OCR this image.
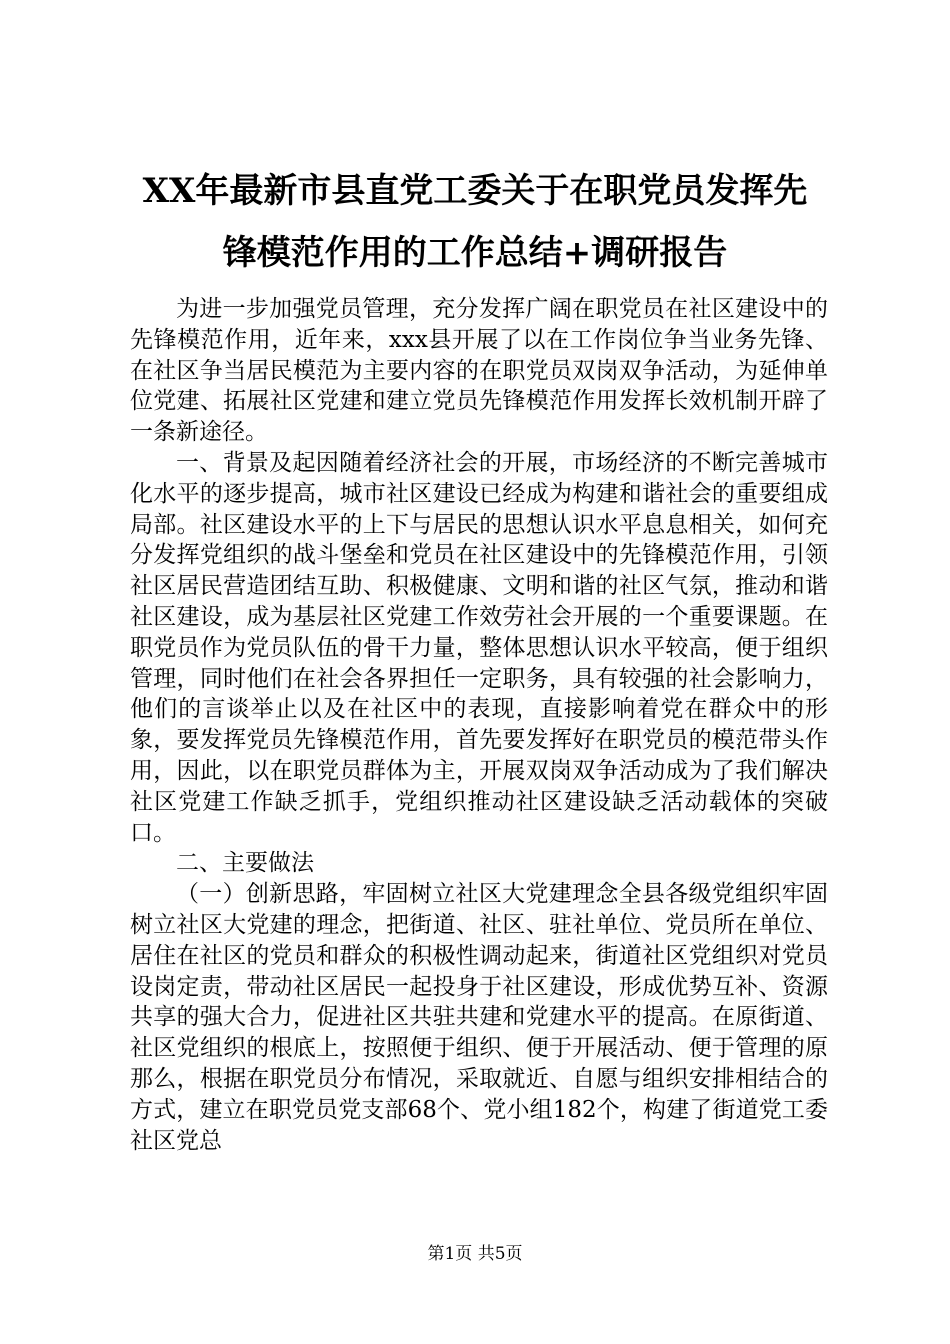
XX年最新市县直党工委关于在职党员发挥先
锋模范作用的工作总结+调研报告

为进一步加强党员管理，充分发挥广阔在职党员在社区建设中的先锋模范作用，近年来，xxx县开展了以在工作岗位争当业务先锋、在社区争当居民模范为主要内容的在职党员双岗双争活动，为延伸单位党建、拓展社区党建和建立党员先锋模范作用发挥长效机制开辟了一条新途径。

一、背景及起因随着经济社会的开展，市场经济的不断完善城市化水平的逐步提高，城市社区建设已经成为构建和谐社会的重要组成局部。社区建设水平的上下与居民的思想认识水平息息相关，如何充分发挥党组织的战斗堡垒和党员在社区建设中的先锋模范作用，引领社区居民营造团结互助、积极健康、文明和谐的社区气氛，推动和谐社区建设，成为基层社区党建工作效劳社会开展的一个重要课题。在职党员作为党员队伍的骨干力量，整体思想认识水平较高，便于组织管理，同时他们在社会各界担任一定职务，具有较强的社会影响力，他们的言谈举止以及在社区中的表现，直接影响着党在群众中的形象，要发挥党员先锋模范作用，首先要发挥好在职党员的模范带头作用，因此，以在职党员群体为主，开展双岗双争活动成为了我们解决社区党建工作缺乏抓手，党组织推动社区建设缺乏活动载体的突破口。

二、主要做法

（一）创新思路，牢固树立社区大党建理念全县各级党组织牢固树立社区大党建的理念，把街道、社区、驻社单位、党员所在单位、居住在社区的党员和群众的积极性调动起来，街道社区党组织对党员设岗定责，带动社区居民一起投身于社区建设，形成优势互补、资源共享的强大合力，促进社区共驻共建和党建水平的提高。在原街道、社区党组织的根底上，按照便于组织、便于开展活动、便于管理的原那么，根据在职党员分布情况，采取就近、自愿与组织安排相结合的方式，建立在职党员党支部68个、党小组182个，构建了街道党工委社区党总

第1页 共5页
